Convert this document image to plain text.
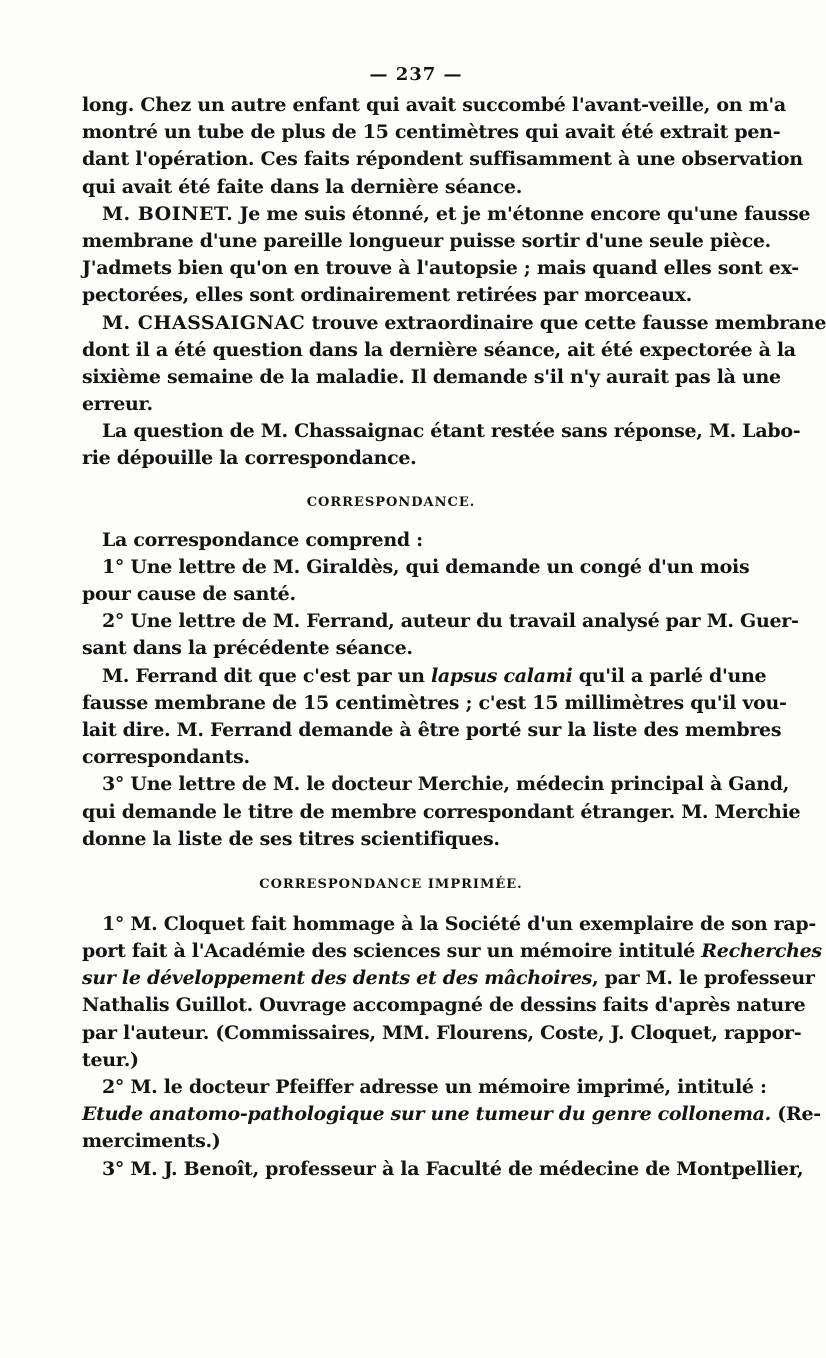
— 237 —
long. Chez un autre enfant qui avait succombé l'avant-veille, on m'a
montré un tube de plus de 15 centimètres qui avait été extrait pen-
dant l'opération. Ces faits répondent suffisamment à une observation
qui avait été faite dans la dernière séance.
M. BOINET. Je me suis étonné, et je m'étonne encore qu'une fausse
membrane d'une pareille longueur puisse sortir d'une seule pièce.
J'admets bien qu'on en trouve à l'autopsie ; mais quand elles sont ex-
pectorées, elles sont ordinairement retirées par morceaux.
M. CHASSAIGNAC trouve extraordinaire que cette fausse membrane
dont il a été question dans la dernière séance, ait été expectorée à la
sixième semaine de la maladie. Il demande s'il n'y aurait pas là une
erreur.
La question de M. Chassaignac étant restée sans réponse, M. Labo-
rie dépouille la correspondance.
CORRESPONDANCE.
La correspondance comprend :
1° Une lettre de M. Giraldès, qui demande un congé d'un mois
pour cause de santé.
2° Une lettre de M. Ferrand, auteur du travail analysé par M. Guer-
sant dans la précédente séance.
M. Ferrand dit que c'est par un lapsus calami qu'il a parlé d'une
fausse membrane de 15 centimètres ; c'est 15 millimètres qu'il vou-
lait dire. M. Ferrand demande à être porté sur la liste des membres
correspondants.
3° Une lettre de M. le docteur Merchie, médecin principal à Gand,
qui demande le titre de membre correspondant étranger. M. Merchie
donne la liste de ses titres scientifiques.
CORRESPONDANCE IMPRIMÉE.
1° M. Cloquet fait hommage à la Société d'un exemplaire de son rap-
port fait à l'Académie des sciences sur un mémoire intitulé Recherches
sur le développement des dents et des mâchoires, par M. le professeur
Nathalis Guillot. Ouvrage accompagné de dessins faits d'après nature
par l'auteur. (Commissaires, MM. Flourens, Coste, J. Cloquet, rappor-
teur.)
2° M. le docteur Pfeiffer adresse un mémoire imprimé, intitulé :
Etude anatomo-pathologique sur une tumeur du genre collonema. (Re-
merciments.)
3° M. J. Benoît, professeur à la Faculté de médecine de Montpellier,
